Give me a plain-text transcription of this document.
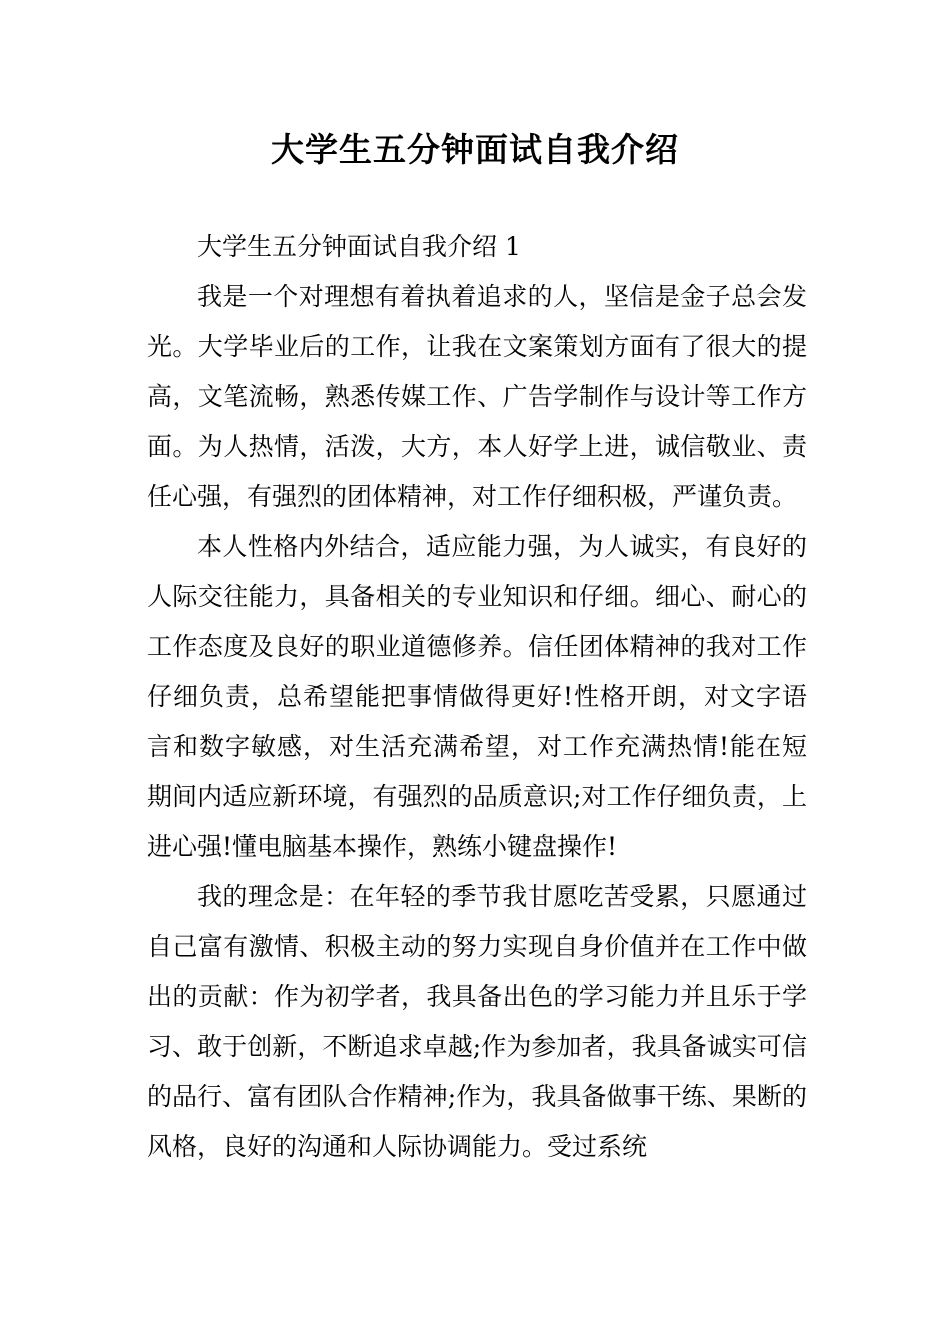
大学生五分钟面试自我介绍

大学生五分钟面试自我介绍 1

我是一个对理想有着执着追求的人，坚信是金子总会发光。大学毕业后的工作，让我在文案策划方面有了很大的提高，文笔流畅，熟悉传媒工作、广告学制作与设计等工作方面。为人热情，活泼，大方，本人好学上进，诚信敬业、责任心强，有强烈的团体精神，对工作仔细积极，严谨负责。

本人性格内外结合，适应能力强，为人诚实，有良好的人际交往能力，具备相关的专业知识和仔细。细心、耐心的工作态度及良好的职业道德修养。信任团体精神的我对工作仔细负责，总希望能把事情做得更好!性格开朗，对文字语言和数字敏感，对生活充满希望，对工作充满热情!能在短期间内适应新环境，有强烈的品质意识;对工作仔细负责，上进心强!懂电脑基本操作，熟练小键盘操作!

我的理念是：在年轻的季节我甘愿吃苦受累，只愿通过自己富有激情、积极主动的努力实现自身价值并在工作中做出的贡献：作为初学者，我具备出色的学习能力并且乐于学习、敢于创新，不断追求卓越;作为参加者，我具备诚实可信的品行、富有团队合作精神;作为，我具备做事干练、果断的风格，良好的沟通和人际协调能力。受过系统
